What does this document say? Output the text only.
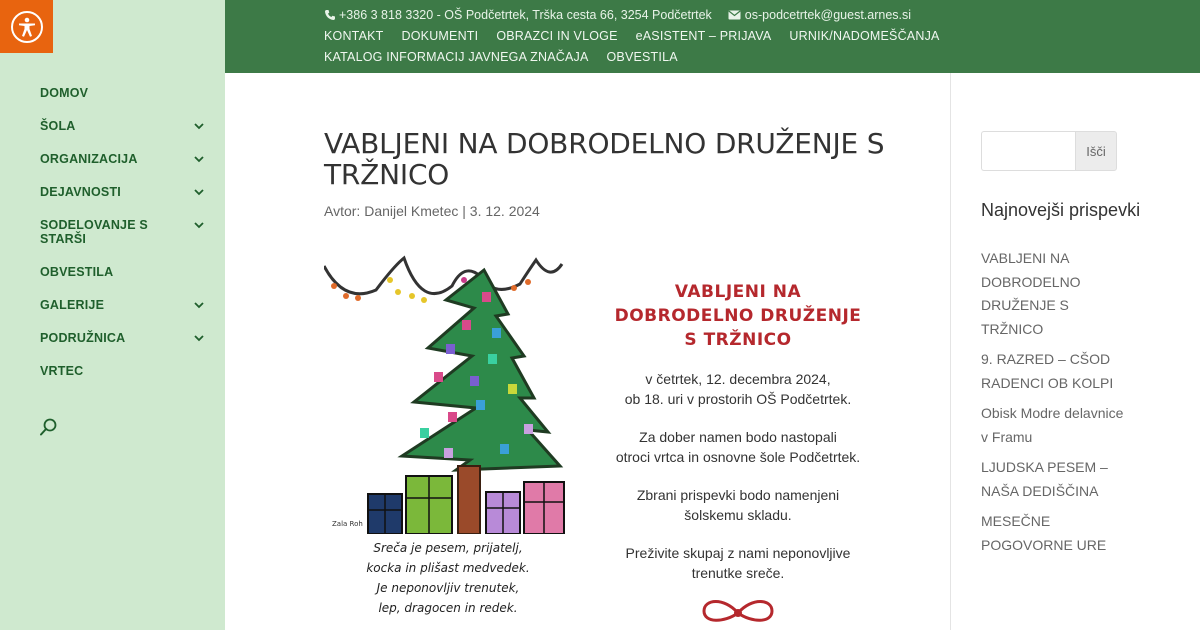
DOMOV
ŠOLA
ORGANIZACIJA
DEJAVNOSTI
SODELOVANJE S STARŠI
OBVESTILA
GALERIJE
PODRUŽNICA
VRTEC
+386 3 818 3320 - OŠ Podčetrtek, Trška cesta 66, 3254 Podčetrtek	os-podcetrtek@guest.arnes.si
KONTAKT DOKUMENTI OBRAZCI IN VLOGE eASISTENT – PRIJAVA URNIK/NADOMEŠČANJA
KATALOG INFORMACIJ JAVNEGA ZNAČAJA OBVESTILA
VABLJENI NA DOBRODELNO DRUŽENJE S TRŽNICO
Avtor: Danijel Kmetec | 3. 12. 2024
Zala Roh
Sreča je pesem, prijatelj,
kocka in plišast medvedek.
Je neponovljiv trenutek,
lep, dragocen in redek.
VABLJENI NA
DOBRODELNO DRUŽENJE
S TRŽNICO
v četrtek, 12. decembra 2024,
ob 18. uri v prostorih OŠ Podčetrtek.
Za dober namen bodo nastopali
otroci vrtca in osnovne šole Podčetrtek.
Zbrani prispevki bodo namenjeni
šolskemu skladu.
Preživite skupaj z nami neponovljive
trenutke sreče.
Išči
Najnovejši prispevki
VABLJENI NA DOBRODELNO DRUŽENJE S TRŽNICO
9. RAZRED – CŠOD RADENCI OB KOLPI
Obisk Modre delavnice v Framu
LJUDSKA PESEM – NAŠA DEDIŠČINA
MESEČNE POGOVORNE URE
